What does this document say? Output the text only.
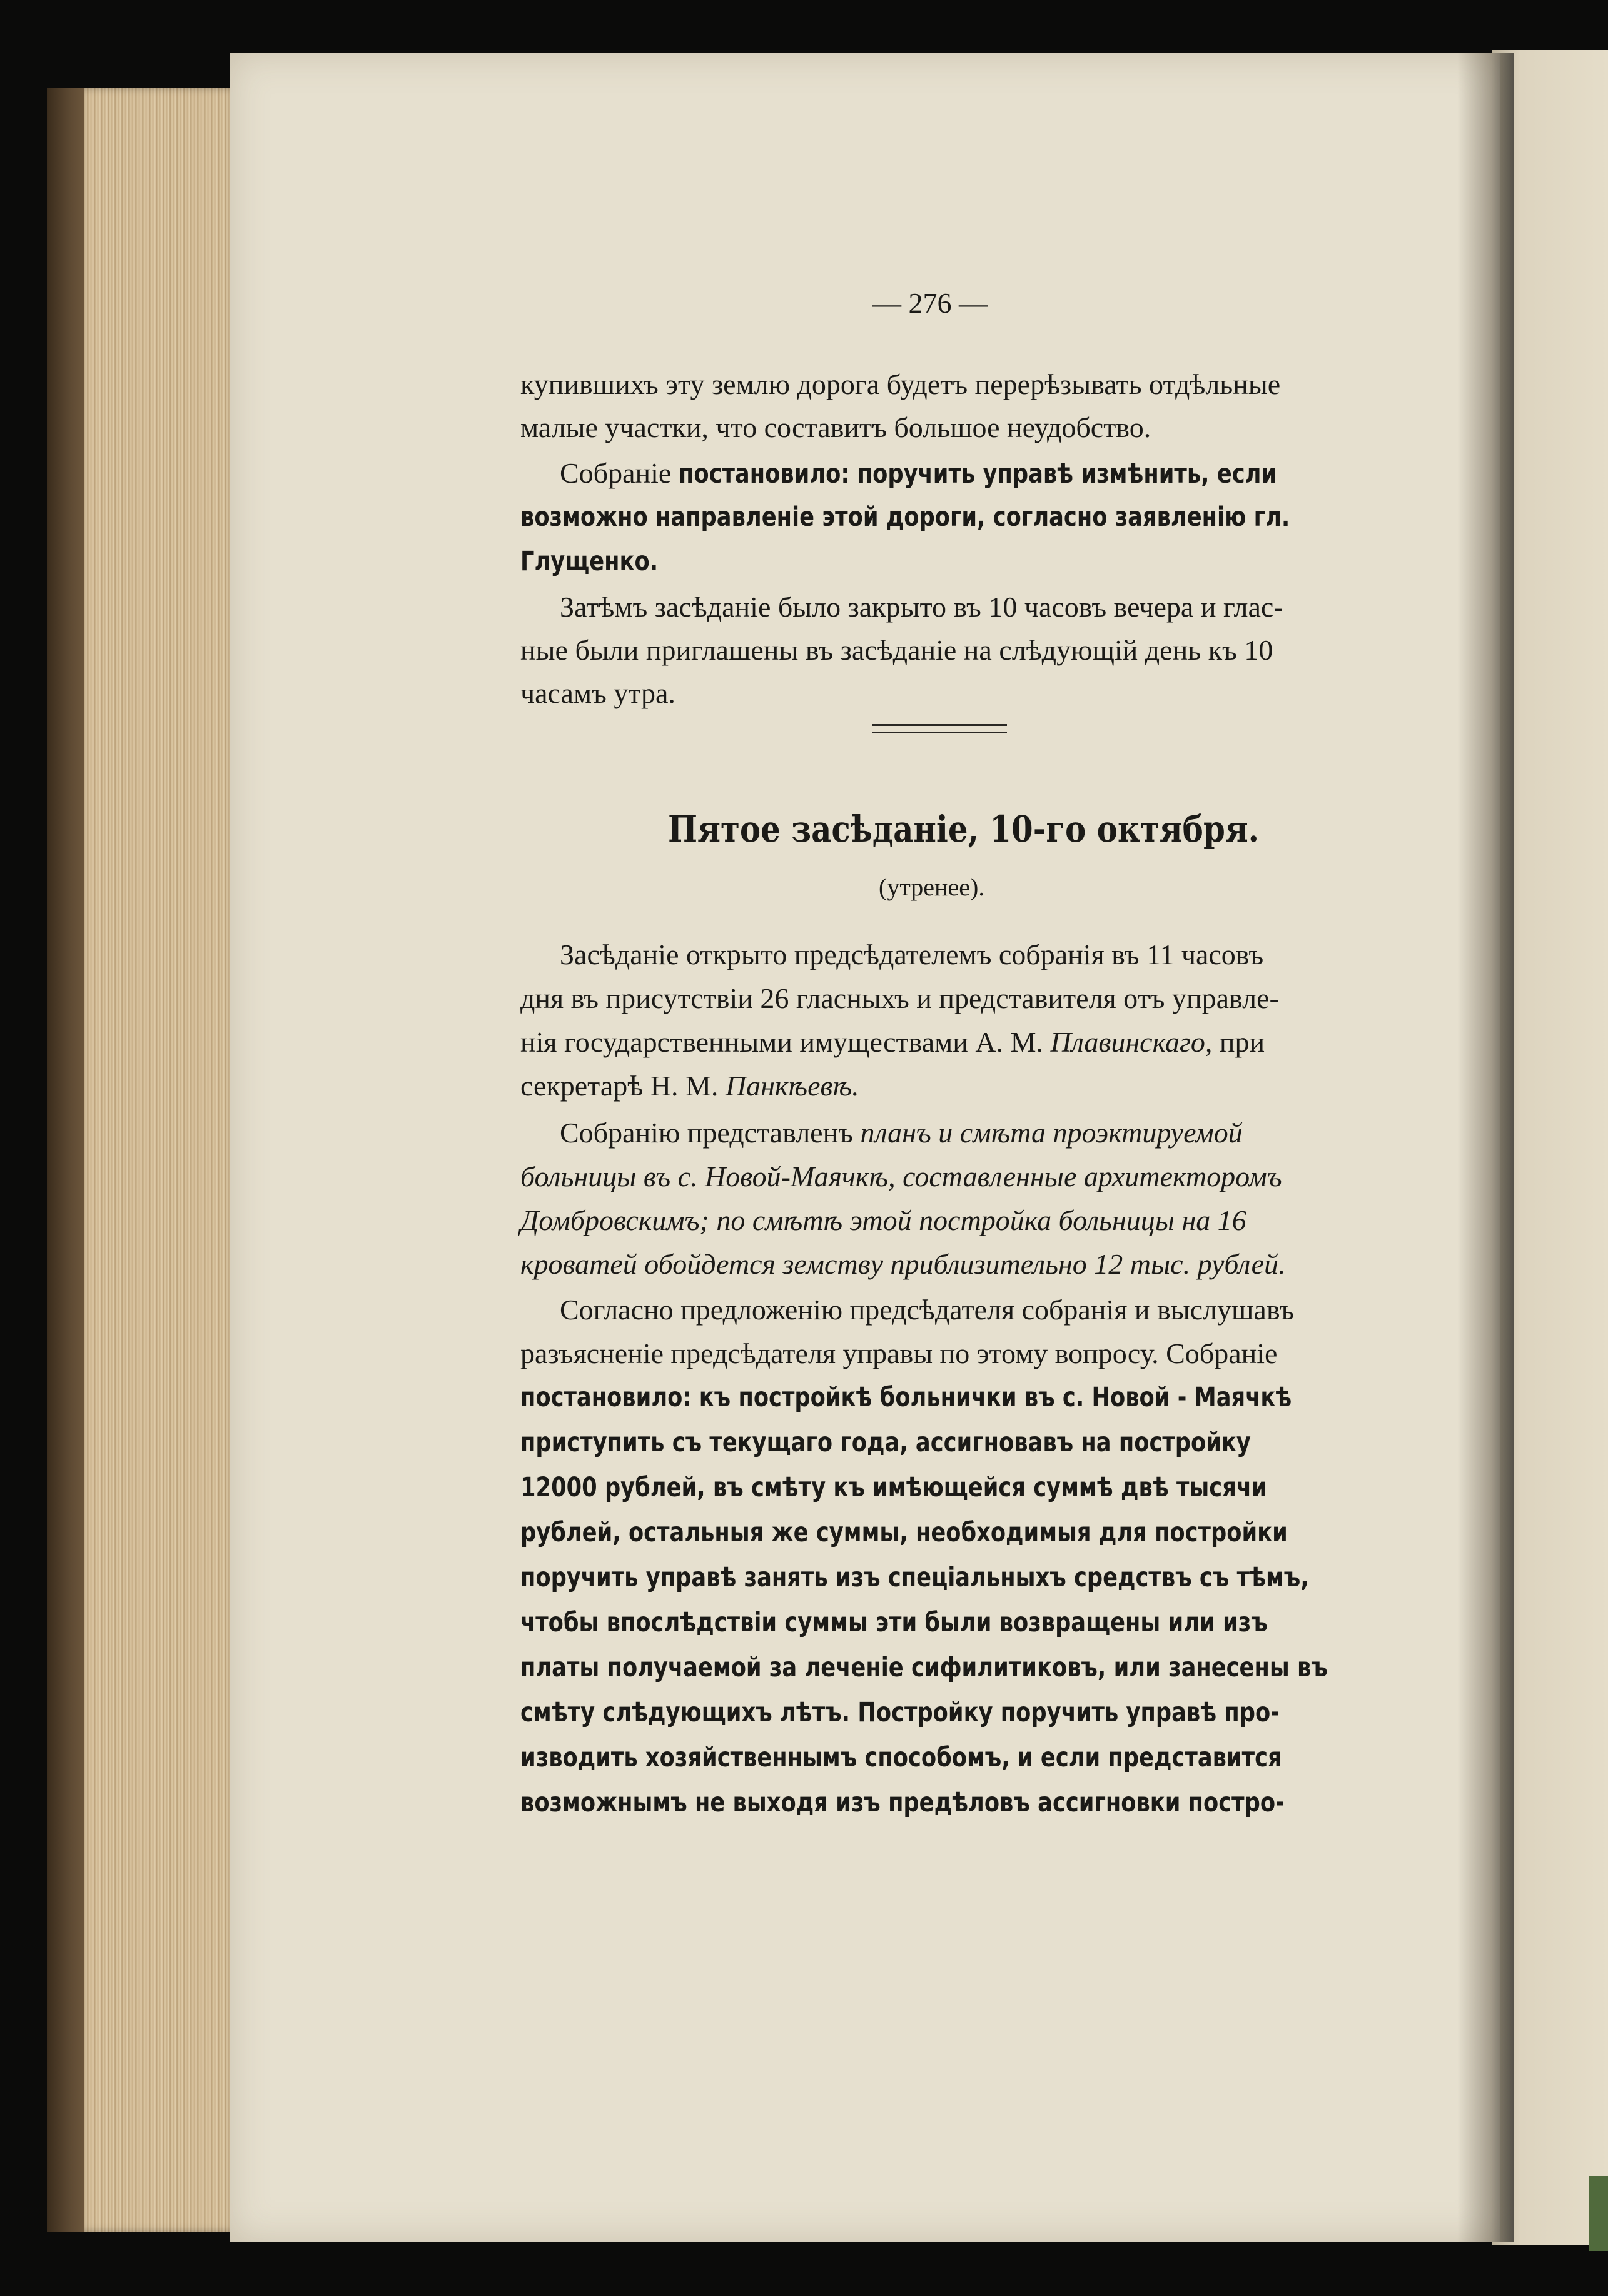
— 276 —
купившихъ эту землю дорога будетъ перерѣзывать отдѣльные
малые участки, что составитъ большое неудобство.
Собраніе постановило: поручить управѣ измѣнить, если
возможно направленіе этой дороги, согласно заявленію гл.
Глущенко.
Затѣмъ засѣданіе было закрыто въ 10 часовъ вечера и глас-
ные были приглашены въ засѣданіе на слѣдующій день къ 10
часамъ утра.
Пятое засѣданіе, 10-го октября.
(утренее).
Засѣданіе открыто предсѣдателемъ собранія въ 11 часовъ
дня въ присутствіи 26 гласныхъ и представителя отъ управле-
нія государственными имуществами А. М. Плавинскаго, при
секретарѣ Н. М. Панкѣевѣ.
Собранію представленъ планъ и смѣта проэктируемой
больницы въ с. Новой-Маячкѣ, составленные архитекторомъ
Домбровскимъ; по смѣтѣ этой постройка больницы на 16
кроватей обойдется земству приблизительно 12 тыс. рублей.
Согласно предложенію предсѣдателя собранія и выслушавъ
разъясненіе предсѣдателя управы по этому вопросу. Собраніе
постановило: къ постройкѣ больнички въ с. Новой - Маячкѣ
приступить съ текущаго года, ассигновавъ на постройку
12000 рублей, въ смѣту къ имѣющейся суммѣ двѣ тысячи
рублей, остальныя же суммы, необходимыя для постройки
поручить управѣ занять изъ спеціальныхъ средствъ съ тѣмъ,
чтобы впослѣдствіи суммы эти были возвращены или изъ
платы получаемой за леченіе сифилитиковъ, или занесены въ
смѣту слѣдующихъ лѣтъ. Постройку поручить управѣ про-
изводить хозяйственнымъ способомъ, и если представится
возможнымъ не выходя изъ предѣловъ ассигновки постро-
